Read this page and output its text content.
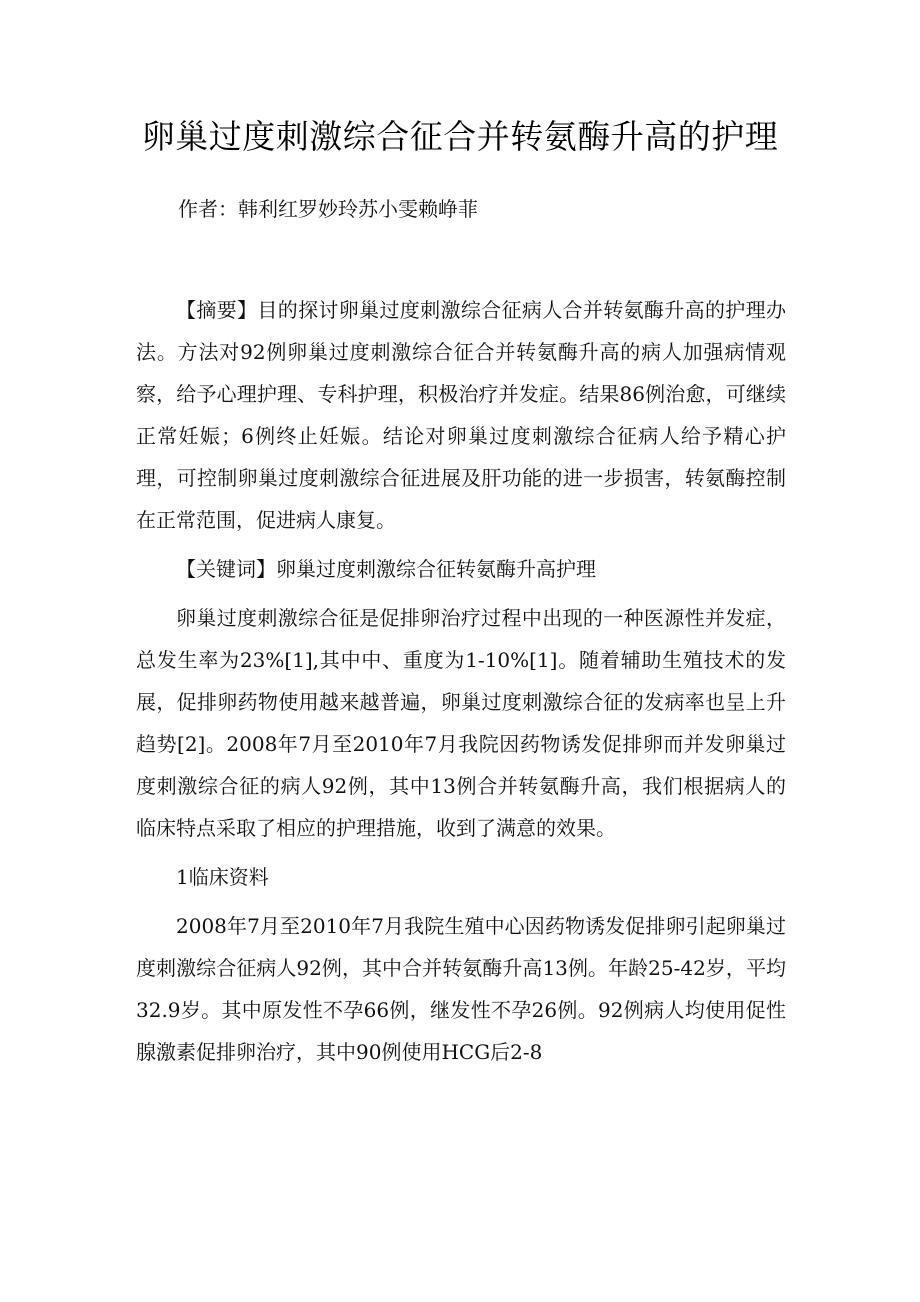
卵巢过度刺激综合征合并转氨酶升高的护理

作者：韩利红罗妙玲苏小雯赖峥菲

【摘要】目的探讨卵巢过度刺激综合征病人合并转氨酶升高的护理办法。方法对92例卵巢过度刺激综合征合并转氨酶升高的病人加强病情观察，给予心理护理、专科护理，积极治疗并发症。结果86例治愈，可继续正常妊娠；6例终止妊娠。结论对卵巢过度刺激综合征病人给予精心护理，可控制卵巢过度刺激综合征进展及肝功能的进一步损害，转氨酶控制在正常范围，促进病人康复。

【关键词】卵巢过度刺激综合征转氨酶升高护理

卵巢过度刺激综合征是促排卵治疗过程中出现的一种医源性并发症，总发生率为23%[1],其中中、重度为1-10%[1]。随着辅助生殖技术的发展，促排卵药物使用越来越普遍，卵巢过度刺激综合征的发病率也呈上升趋势[2]。2008年7月至2010年7月我院因药物诱发促排卵而并发卵巢过度刺激综合征的病人92例，其中13例合并转氨酶升高，我们根据病人的临床特点采取了相应的护理措施，收到了满意的效果。

1临床资料

2008年7月至2010年7月我院生殖中心因药物诱发促排卵引起卵巢过度刺激综合征病人92例，其中合并转氨酶升高13例。年龄25-42岁，平均32.9岁。其中原发性不孕66例，继发性不孕26例。92例病人均使用促性腺激素促排卵治疗，其中90例使用HCG后2-8
